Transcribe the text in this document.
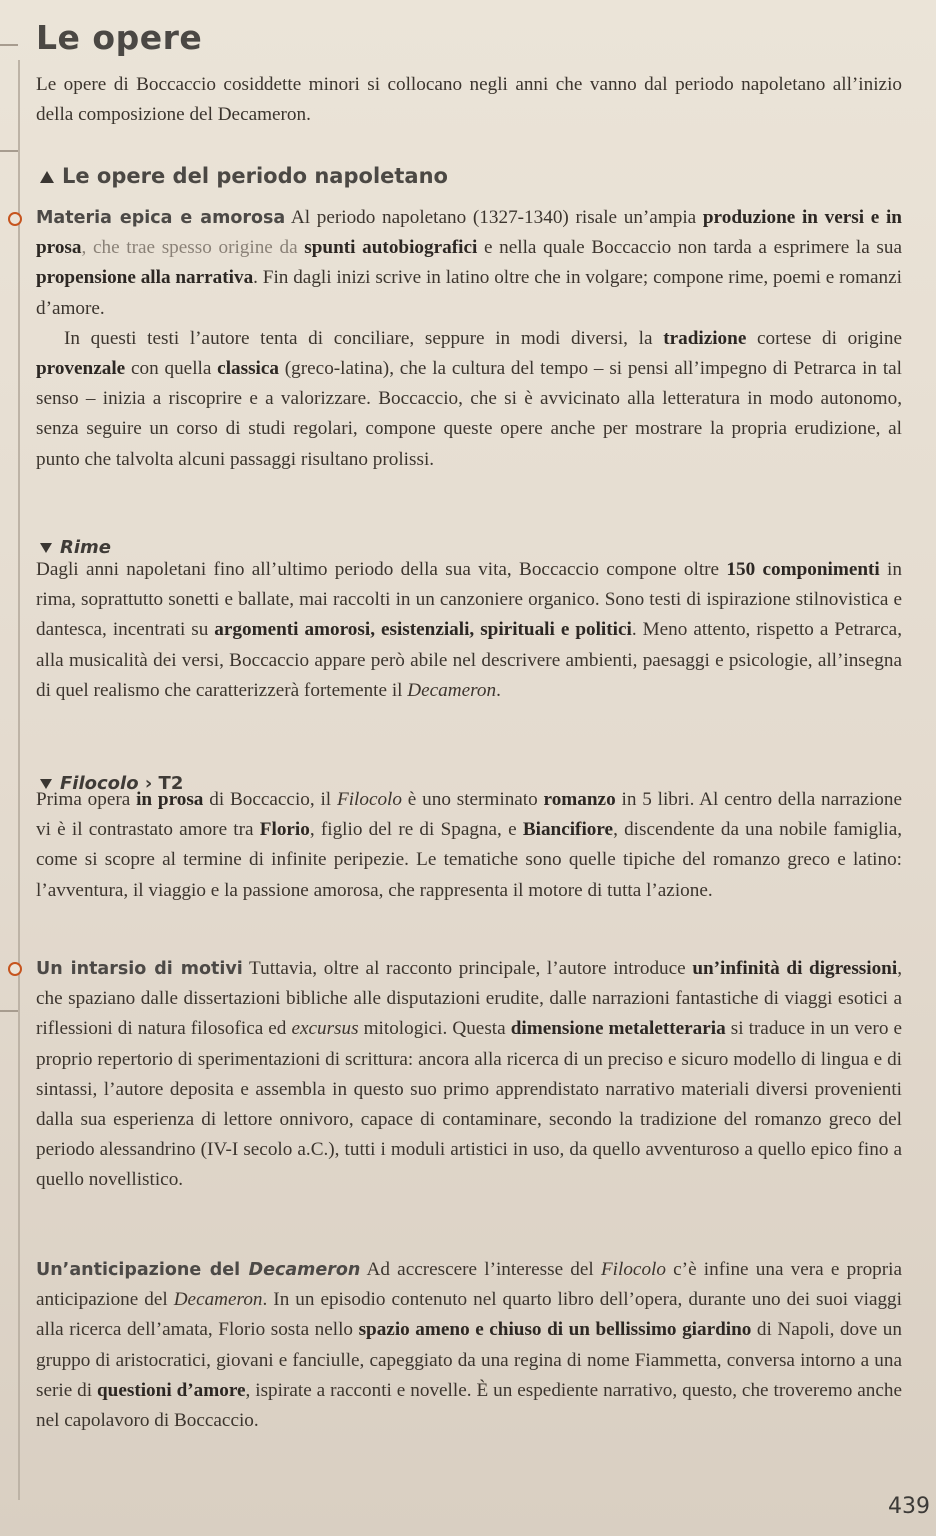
Le opere

Le opere di Boccaccio cosiddette minori si collocano negli anni che vanno dal periodo napoletano all’inizio della composizione del Decameron.

Le opere del periodo napoletano

Materia epica e amorosa Al periodo napoletano (1327-1340) risale un’ampia produzione in versi e in prosa, che trae spesso origine da spunti autobiografici e nella quale Boccaccio non tarda a esprimere la sua propensione alla narrativa. Fin dagli inizi scrive in latino oltre che in volgare; compone rime, poemi e romanzi d’amore.

In questi testi l’autore tenta di conciliare, seppure in modi diversi, la tradizione cortese di origine provenzale con quella classica (greco-latina), che la cultura del tempo – si pensi all’impegno di Petrarca in tal senso – inizia a riscoprire e a valorizzare. Boccaccio, che si è avvicinato alla letteratura in modo autonomo, senza seguire un corso di studi regolari, compone queste opere anche per mostrare la propria erudizione, al punto che talvolta alcuni passaggi risultano prolissi.

Rime

Dagli anni napoletani fino all’ultimo periodo della sua vita, Boccaccio compone oltre 150 componimenti in rima, soprattutto sonetti e ballate, mai raccolti in un canzoniere organico. Sono testi di ispirazione stilnovistica e dantesca, incentrati su argomenti amorosi, esistenziali, spirituali e politici. Meno attento, rispetto a Petrarca, alla musicalità dei versi, Boccaccio appare però abile nel descrivere ambienti, paesaggi e psicologie, all’insegna di quel realismo che caratterizzerà fortemente il Decameron.

Filocolo › T2

Prima opera in prosa di Boccaccio, il Filocolo è uno sterminato romanzo in 5 libri. Al centro della narrazione vi è il contrastato amore tra Florio, figlio del re di Spagna, e Biancifiore, discendente da una nobile famiglia, come si scopre al termine di infinite peripezie. Le tematiche sono quelle tipiche del romanzo greco e latino: l’avventura, il viaggio e la passione amorosa, che rappresenta il motore di tutta l’azione.

Un intarsio di motivi Tuttavia, oltre al racconto principale, l’autore introduce un’infinità di digressioni, che spaziano dalle dissertazioni bibliche alle disputazioni erudite, dalle narrazioni fantastiche di viaggi esotici a riflessioni di natura filosofica ed excursus mitologici. Questa dimensione metaletteraria si traduce in un vero e proprio repertorio di sperimentazioni di scrittura: ancora alla ricerca di un preciso e sicuro modello di lingua e di sintassi, l’autore deposita e assembla in questo suo primo apprendistato narrativo materiali diversi provenienti dalla sua esperienza di lettore onnivoro, capace di contaminare, secondo la tradizione del romanzo greco del periodo alessandrino (IV-I secolo a.C.), tutti i moduli artistici in uso, da quello avventuroso a quello epico fino a quello novellistico.

Un’anticipazione del Decameron Ad accrescere l’interesse del Filocolo c’è infine una vera e propria anticipazione del Decameron. In un episodio contenuto nel quarto libro dell’opera, durante uno dei suoi viaggi alla ricerca dell’amata, Florio sosta nello spazio ameno e chiuso di un bellissimo giardino di Napoli, dove un gruppo di aristocratici, giovani e fanciulle, capeggiato da una regina di nome Fiammetta, conversa intorno a una serie di questioni d’amore, ispirate a racconti e novelle. È un espediente narrativo, questo, che troveremo anche nel capolavoro di Boccaccio.

439
